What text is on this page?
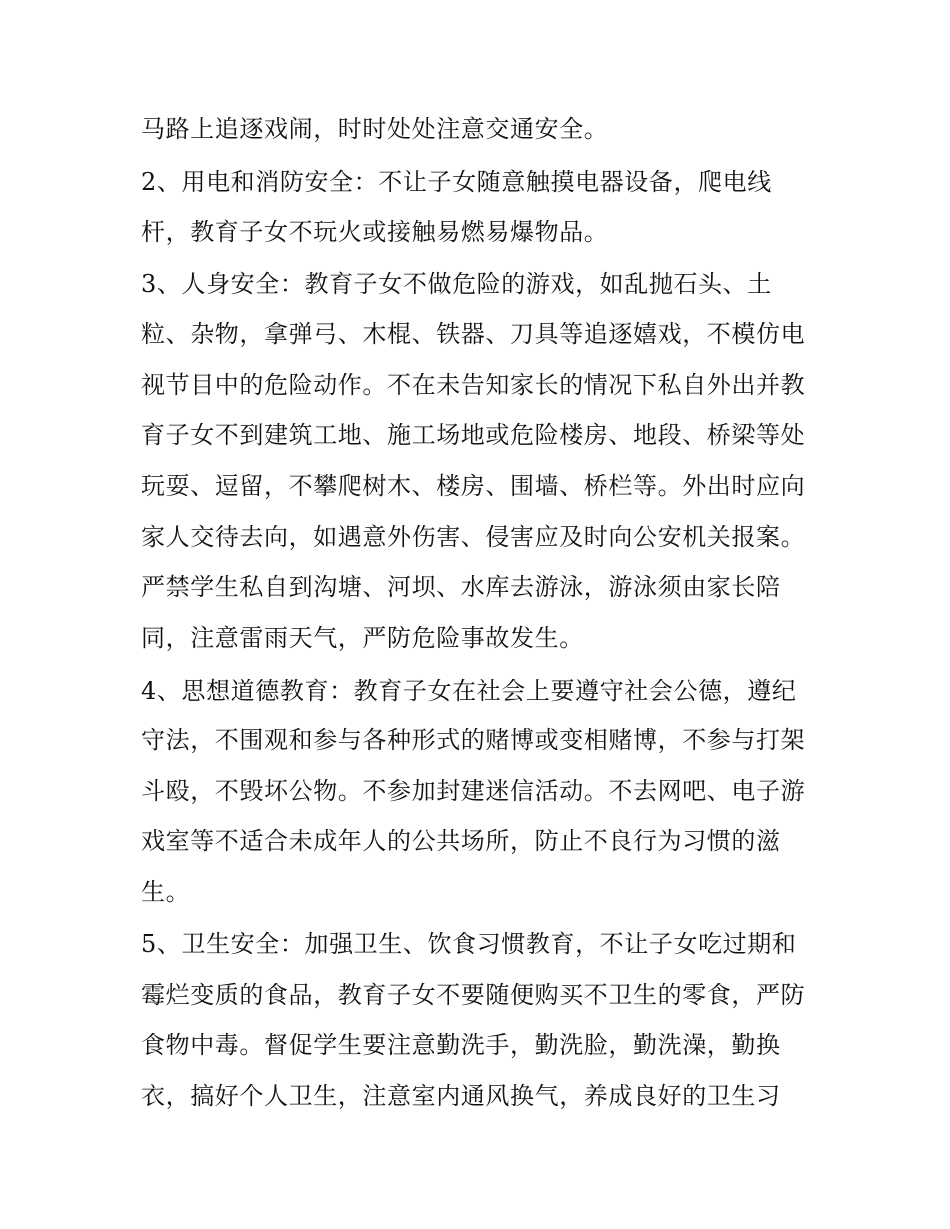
马路上追逐戏闹，时时处处注意交通安全。

2、用电和消防安全：不让子女随意触摸电器设备，爬电线

杆，教育子女不玩火或接触易燃易爆物品。

3、人身安全：教育子女不做危险的游戏，如乱抛石头、土

粒、杂物，拿弹弓、木棍、铁器、刀具等追逐嬉戏，不模仿电

视节目中的危险动作。不在未告知家长的情况下私自外出并教

育子女不到建筑工地、施工场地或危险楼房、地段、桥梁等处

玩耍、逗留，不攀爬树木、楼房、围墙、桥栏等。外出时应向

家人交待去向，如遇意外伤害、侵害应及时向公安机关报案。

严禁学生私自到沟塘、河坝、水库去游泳，游泳须由家长陪

同，注意雷雨天气，严防危险事故发生。

4、思想道德教育：教育子女在社会上要遵守社会公德，遵纪

守法，不围观和参与各种形式的赌博或变相赌博，不参与打架

斗殴，不毁坏公物。不参加封建迷信活动。不去网吧、电子游

戏室等不适合未成年人的公共场所，防止不良行为习惯的滋

生。

5、卫生安全：加强卫生、饮食习惯教育，不让子女吃过期和

霉烂变质的食品，教育子女不要随便购买不卫生的零食，严防

食物中毒。督促学生要注意勤洗手，勤洗脸，勤洗澡，勤换

衣，搞好个人卫生，注意室内通风换气，养成良好的卫生习
